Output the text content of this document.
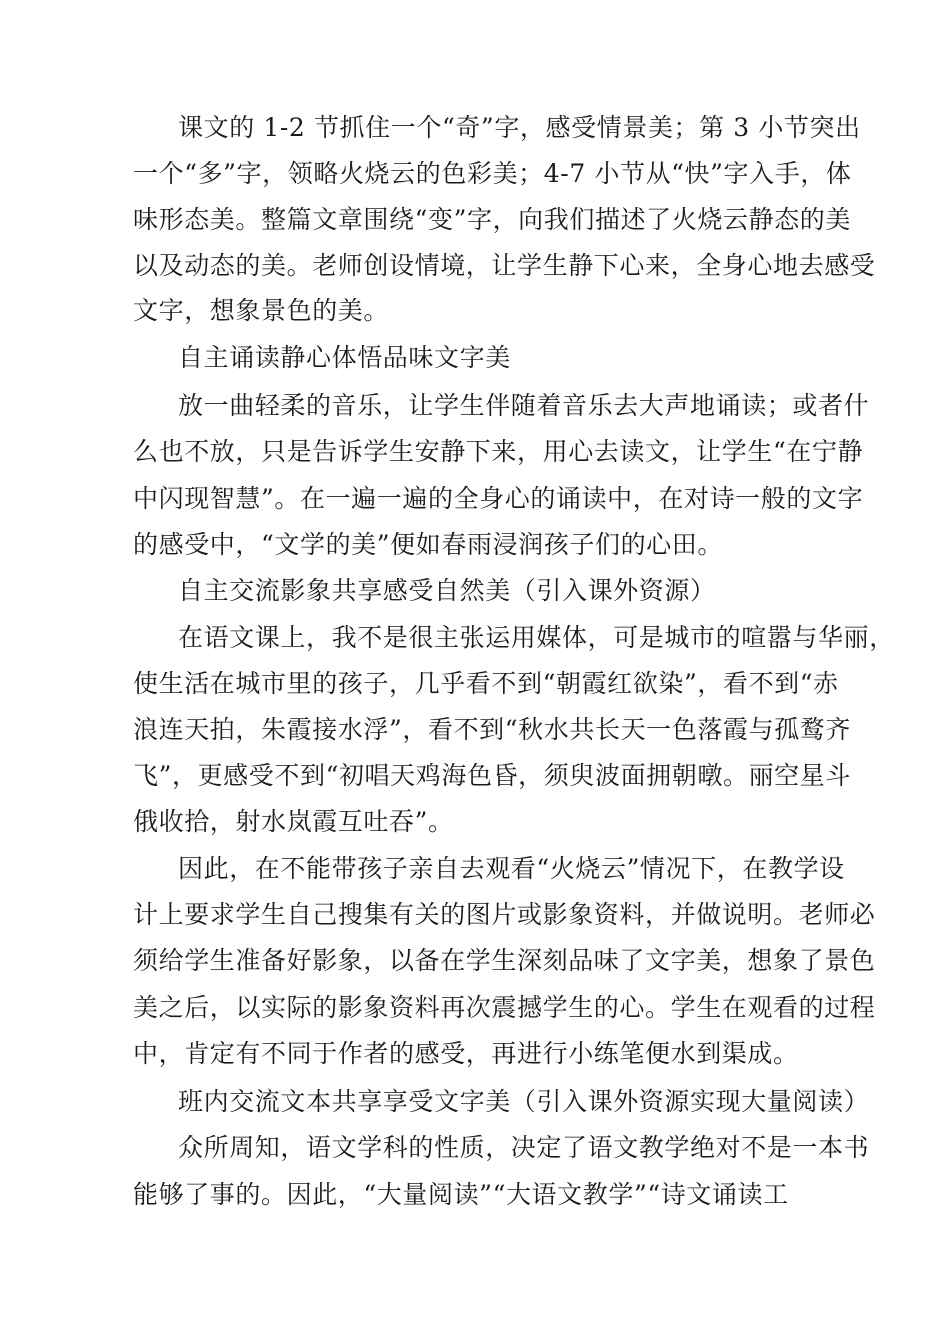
课文的 1-2 节抓住一个“奇”字，感受情景美；第 3 小节突出
一个“多”字，领略火烧云的色彩美；4-7 小节从“快”字入手，体
味形态美。整篇文章围绕“变”字，向我们描述了火烧云静态的美
以及动态的美。老师创设情境，让学生静下心来，全身心地去感受
文字，想象景色的美。
自主诵读静心体悟品味文字美
放一曲轻柔的音乐，让学生伴随着音乐去大声地诵读；或者什
么也不放，只是告诉学生安静下来，用心去读文，让学生“在宁静
中闪现智慧”。在一遍一遍的全身心的诵读中，在对诗一般的文字
的感受中，“文学的美”便如春雨浸润孩子们的心田。
自主交流影象共享感受自然美（引入课外资源）
在语文课上，我不是很主张运用媒体，可是城市的喧嚣与华丽，
使生活在城市里的孩子，几乎看不到“朝霞红欲染”，看不到“赤
浪连天拍，朱霞接水浮”，看不到“秋水共长天一色落霞与孤鹜齐
飞”，更感受不到“初唱天鸡海色昏，须臾波面拥朝暾。丽空星斗
俄收拾，射水岚霞互吐吞”。
因此，在不能带孩子亲自去观看“火烧云”情况下，在教学设
计上要求学生自己搜集有关的图片或影象资料，并做说明。老师必
须给学生准备好影象，以备在学生深刻品味了文字美，想象了景色
美之后，以实际的影象资料再次震撼学生的心。学生在观看的过程
中，肯定有不同于作者的感受，再进行小练笔便水到渠成。
班内交流文本共享享受文字美（引入课外资源实现大量阅读）
众所周知，语文学科的性质，决定了语文教学绝对不是一本书
能够了事的。因此，“大量阅读”“大语文教学”“诗文诵读工
